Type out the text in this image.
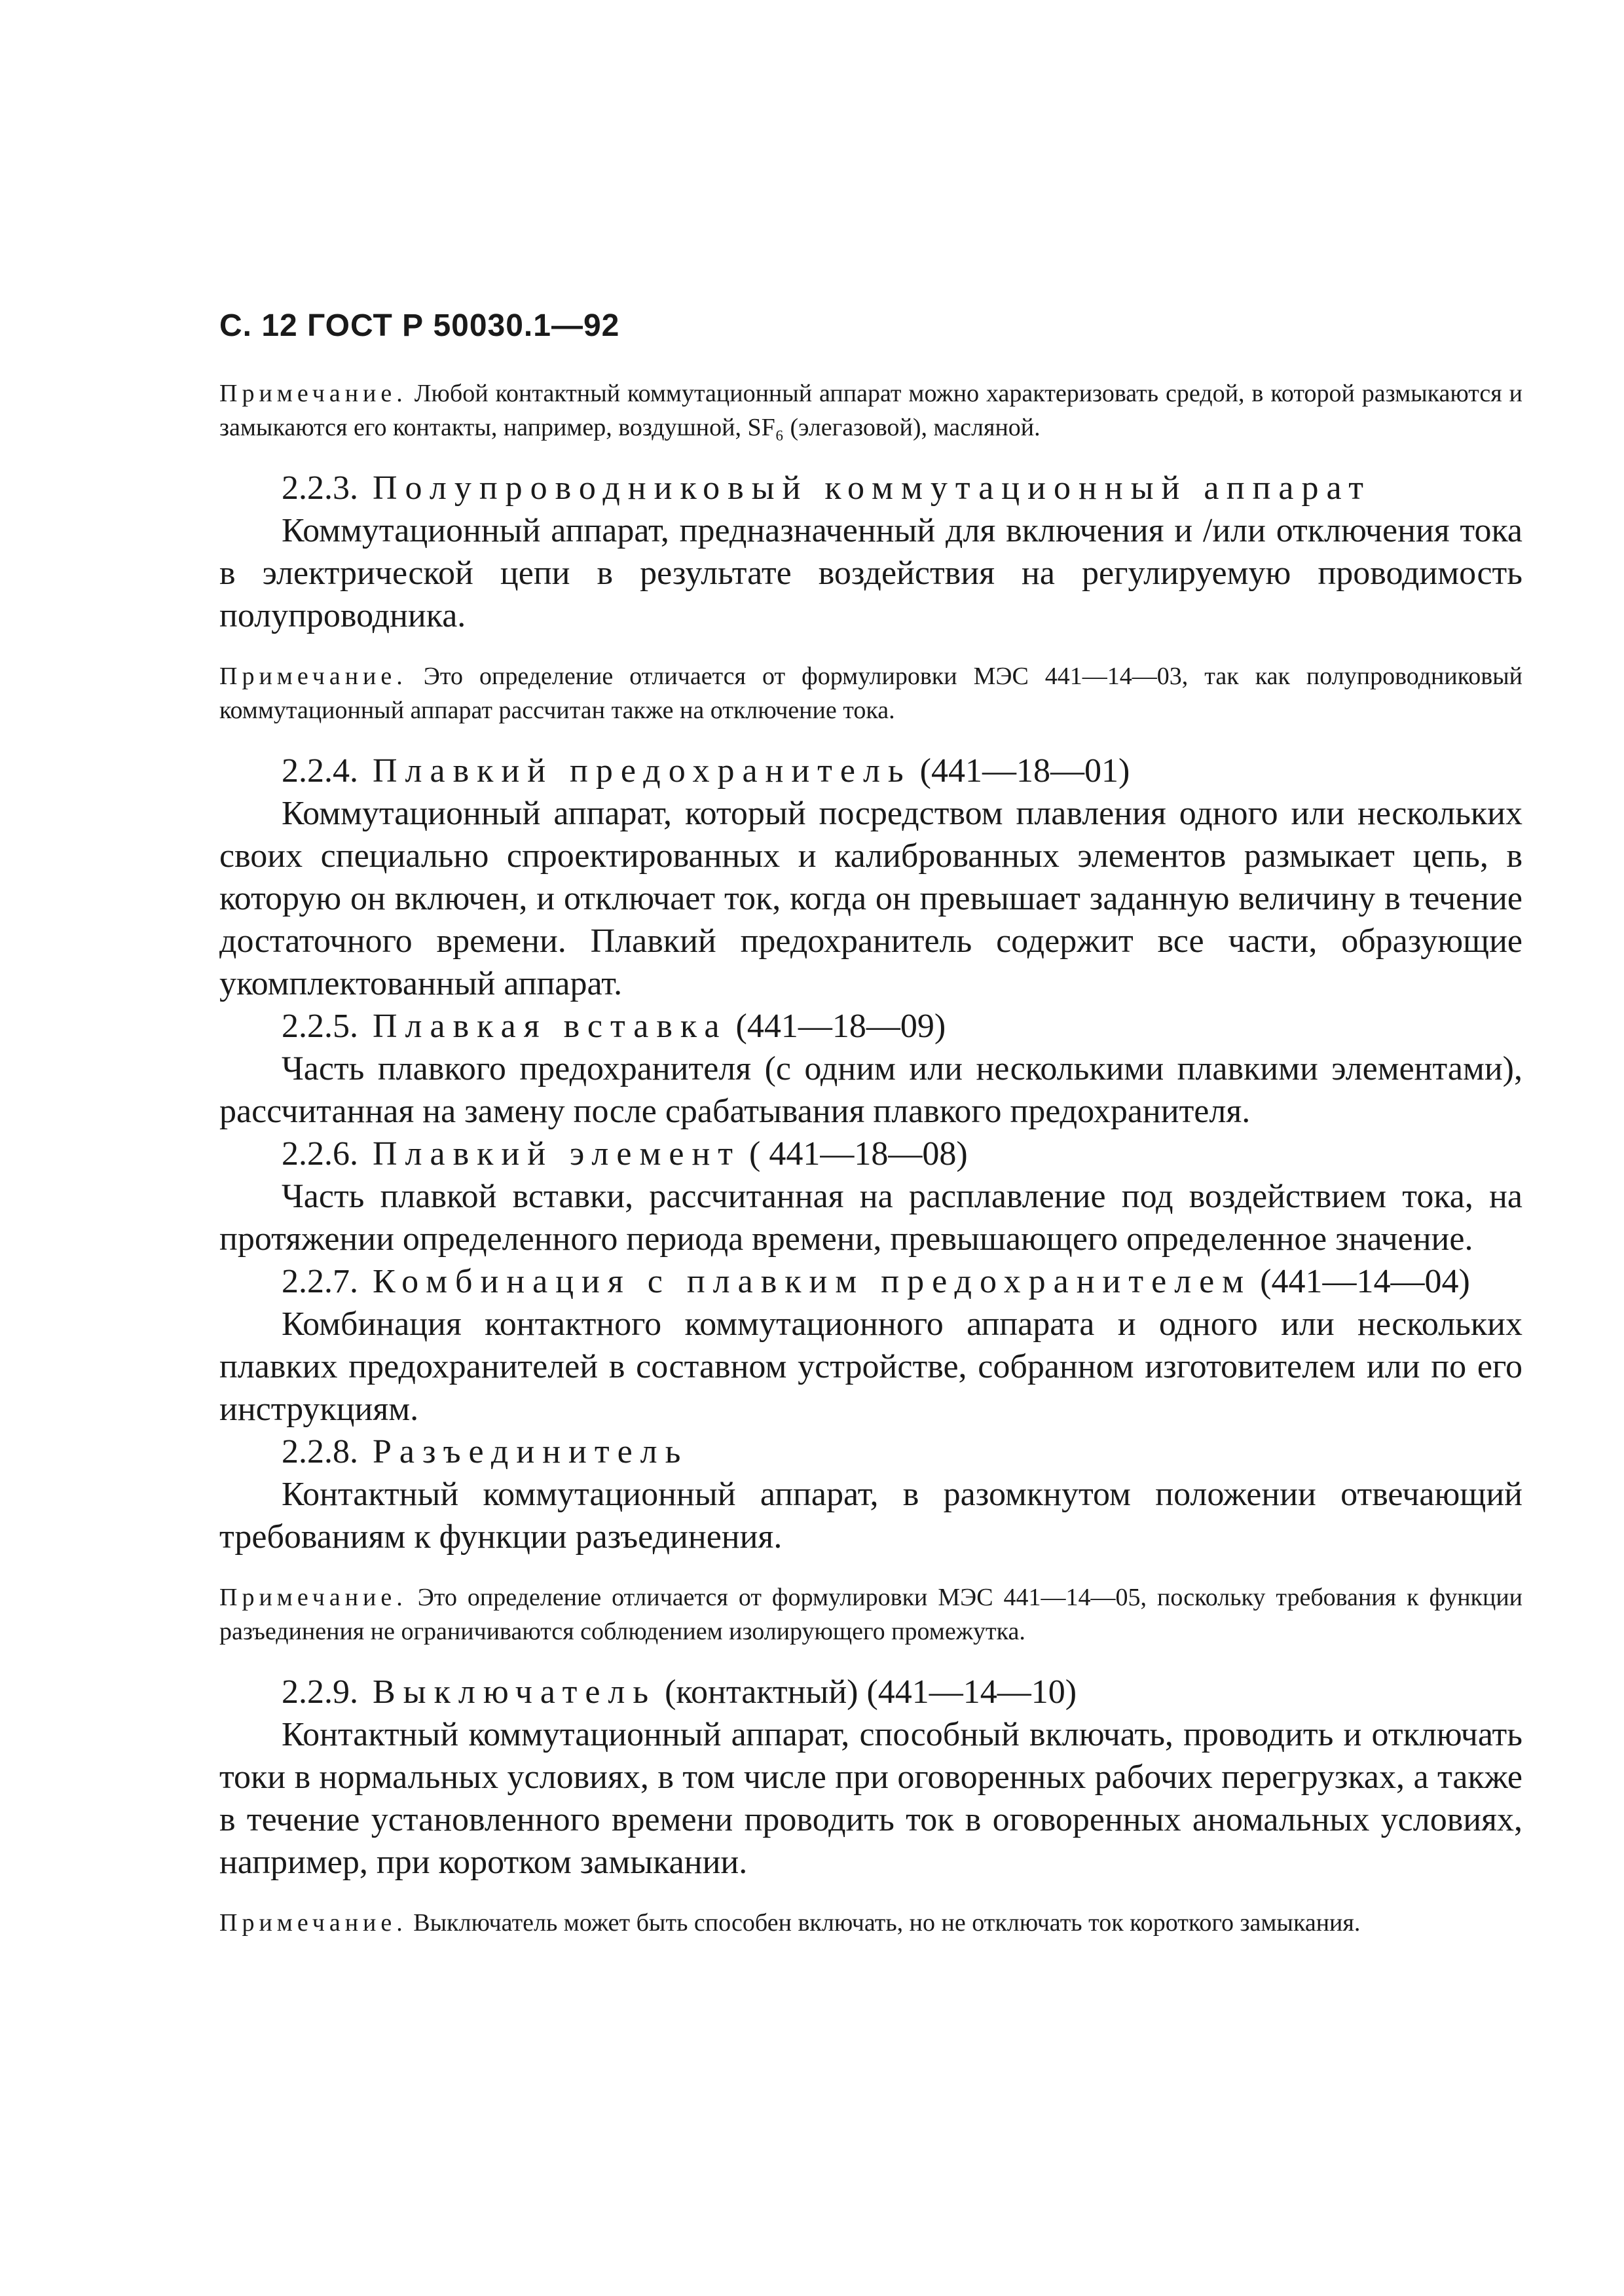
С. 12 ГОСТ Р 50030.1—92

Примечание. Любой контактный коммутационный аппарат можно характеризовать средой, в которой размыкаются и замыкаются его контакты, например, воздушной, SF₆ (элегазовой), масляной.

2.2.3. Полупроводниковый коммутационный аппарат

Коммутационный аппарат, предназначенный для включения и /или отключения тока в электрической цепи в результате воздействия на регулируемую проводимость полупроводника.

Примечание. Это определение отличается от формулировки МЭС 441—14—03, так как полупроводниковый коммутационный аппарат рассчитан также на отключение тока.

2.2.4. Плавкий предохранитель (441—18—01)

Коммутационный аппарат, который посредством плавления одного или нескольких своих специально спроектированных и калиброванных элементов размыкает цепь, в которую он включен, и отключает ток, когда он превышает заданную величину в течение достаточного времени. Плавкий предохранитель содержит все части, образующие укомплектованный аппарат.

2.2.5. Плавкая вставка (441—18—09)

Часть плавкого предохранителя (с одним или несколькими плавкими элементами), рассчитанная на замену после срабатывания плавкого предохранителя.

2.2.6. Плавкий элемент ( 441—18—08)

Часть плавкой вставки, рассчитанная на расплавление под воздействием тока, на протяжении определенного периода времени, превышающего определенное значение.

2.2.7. Комбинация с плавким предохранителем (441—14—04)

Комбинация контактного коммутационного аппарата и одного или нескольких плавких предохранителей в составном устройстве, собранном изготовителем или по его инструкциям.

2.2.8. Разъединитель

Контактный коммутационный аппарат, в разомкнутом положении отвечающий требованиям к функции разъединения.

Примечание. Это определение отличается от формулировки МЭС 441—14—05, поскольку требования к функции разъединения не ограничиваются соблюдением изолирующего промежутка.

2.2.9. Выключатель (контактный) (441—14—10)

Контактный коммутационный аппарат, способный включать, проводить и отключать токи в нормальных условиях, в том числе при оговоренных рабочих перегрузках, а также в течение установленного времени проводить ток в оговоренных аномальных условиях, например, при коротком замыкании.

Примечание. Выключатель может быть способен включать, но не отключать ток короткого замыкания.
